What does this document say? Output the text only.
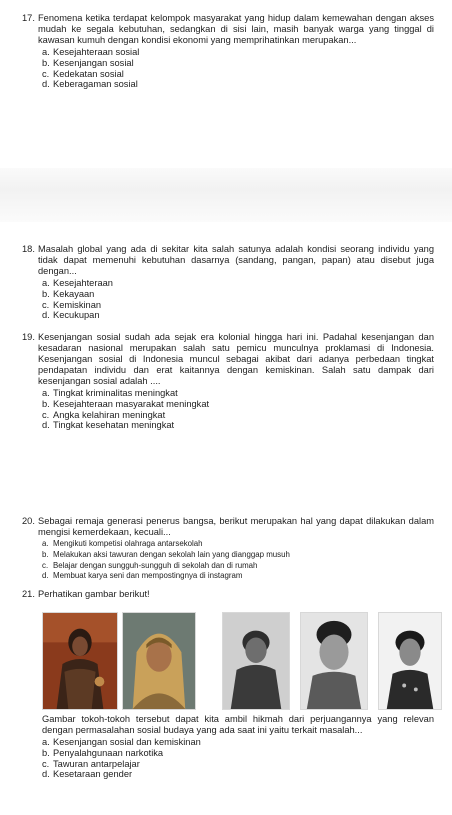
17. Fenomena ketika terdapat kelompok masyarakat yang hidup dalam kemewahan dengan akses mudah ke segala kebutuhan, sedangkan di sisi lain, masih banyak warga yang tinggal di kawasan kumuh dengan kondisi ekonomi yang memprihatinkan merupakan...
a. Kesejahteraan sosial
b. Kesenjangan sosial
c. Kedekatan sosial
d. Keberagaman sosial
18. Masalah global yang ada di sekitar kita salah satunya adalah kondisi seorang individu yang tidak dapat memenuhi kebutuhan dasarnya (sandang, pangan, papan) atau disebut juga dengan...
a. Kesejahteraan
b. Kekayaan
c. Kemiskinan
d. Kecukupan
19. Kesenjangan sosial sudah ada sejak era kolonial hingga hari ini. Padahal kesenjangan dan kesadaran nasional merupakan salah satu pemicu munculnya proklamasi di Indonesia. Kesenjangan sosial di Indonesia muncul sebagai akibat dari adanya perbedaan tingkat pendapatan individu dan erat kaitannya dengan kemiskinan. Salah satu dampak dari kesenjangan sosial adalah ....
a. Tingkat kriminalitas meningkat
b. Kesejahteraan masyarakat meningkat
c. Angka kelahiran meningkat
d. Tingkat kesehatan meningkat
20. Sebagai remaja generasi penerus bangsa, berikut merupakan hal yang dapat dilakukan dalam mengisi kemerdekaan, kecuali...
a. Mengikuti kompetisi olahraga antarsekolah
b. Melakukan aksi tawuran dengan sekolah lain yang dianggap musuh
c. Belajar dengan sungguh-sungguh di sekolah dan di rumah
d. Membuat karya seni dan mempostingnya di instagram
21. Perhatikan gambar berikut!
Gambar tokoh-tokoh tersebut dapat kita ambil hikmah dari perjuangannya yang relevan dengan permasalahan sosial budaya yang ada saat ini yaitu terkait masalah...
a. Kesenjangan sosial dan kemiskinan
b. Penyalahgunaan narkotika
c. Tawuran antarpelajar
d. Kesetaraan gender
